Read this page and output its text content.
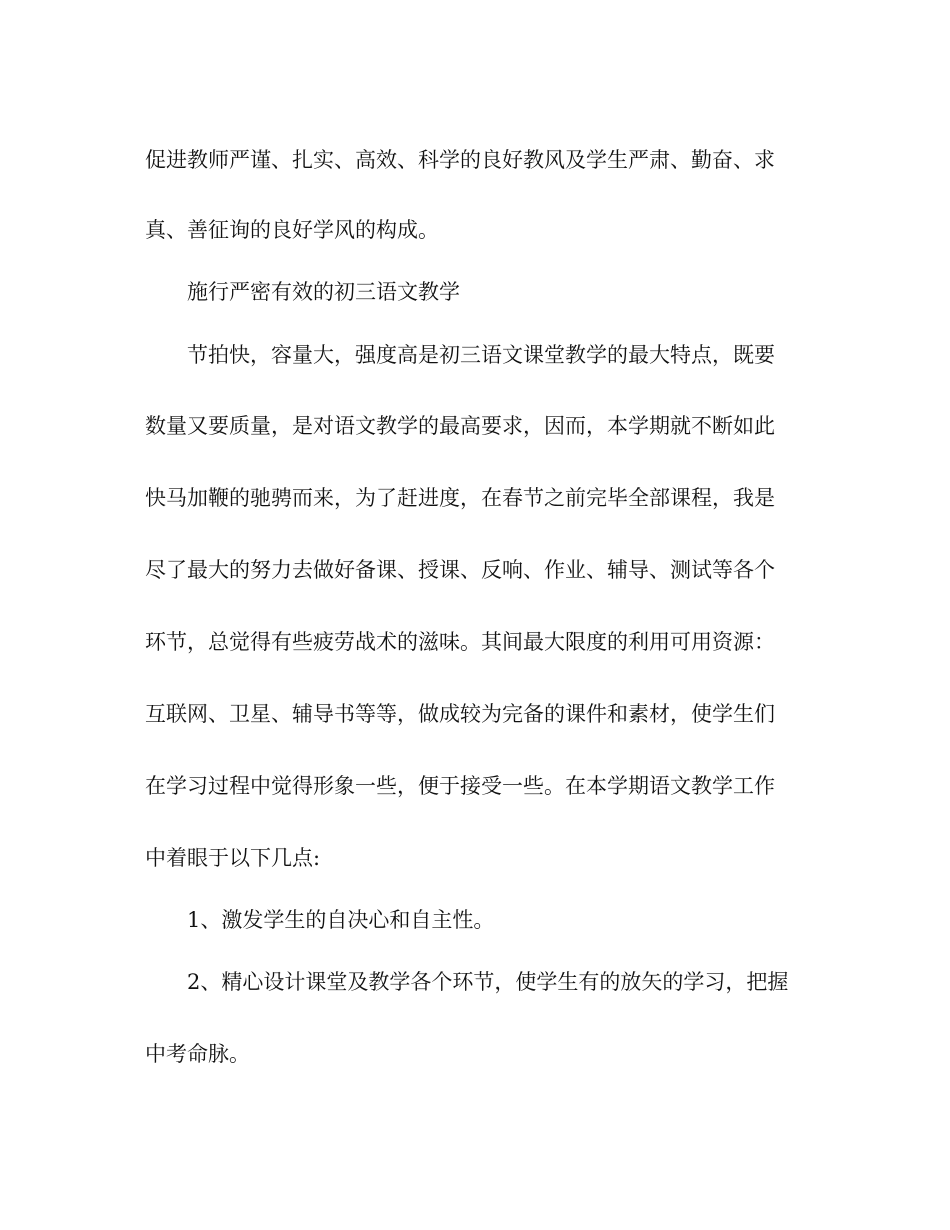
促进教师严谨、扎实、高效、科学的良好教风及学生严肃、勤奋、求
真、善征询的良好学风的构成。
施行严密有效的初三语文教学
节拍快，容量大，强度高是初三语文课堂教学的最大特点，既要
数量又要质量，是对语文教学的最高要求，因而，本学期就不断如此
快马加鞭的驰骋而来，为了赶进度，在春节之前完毕全部课程，我是
尽了最大的努力去做好备课、授课、反响、作业、辅导、测试等各个
环节，总觉得有些疲劳战术的滋味。其间最大限度的利用可用资源：
互联网、卫星、辅导书等等，做成较为完备的课件和素材，使学生们
在学习过程中觉得形象一些，便于接受一些。在本学期语文教学工作
中着眼于以下几点:
1、激发学生的自决心和自主性。
2、精心设计课堂及教学各个环节，使学生有的放矢的学习，把握
中考命脉。
